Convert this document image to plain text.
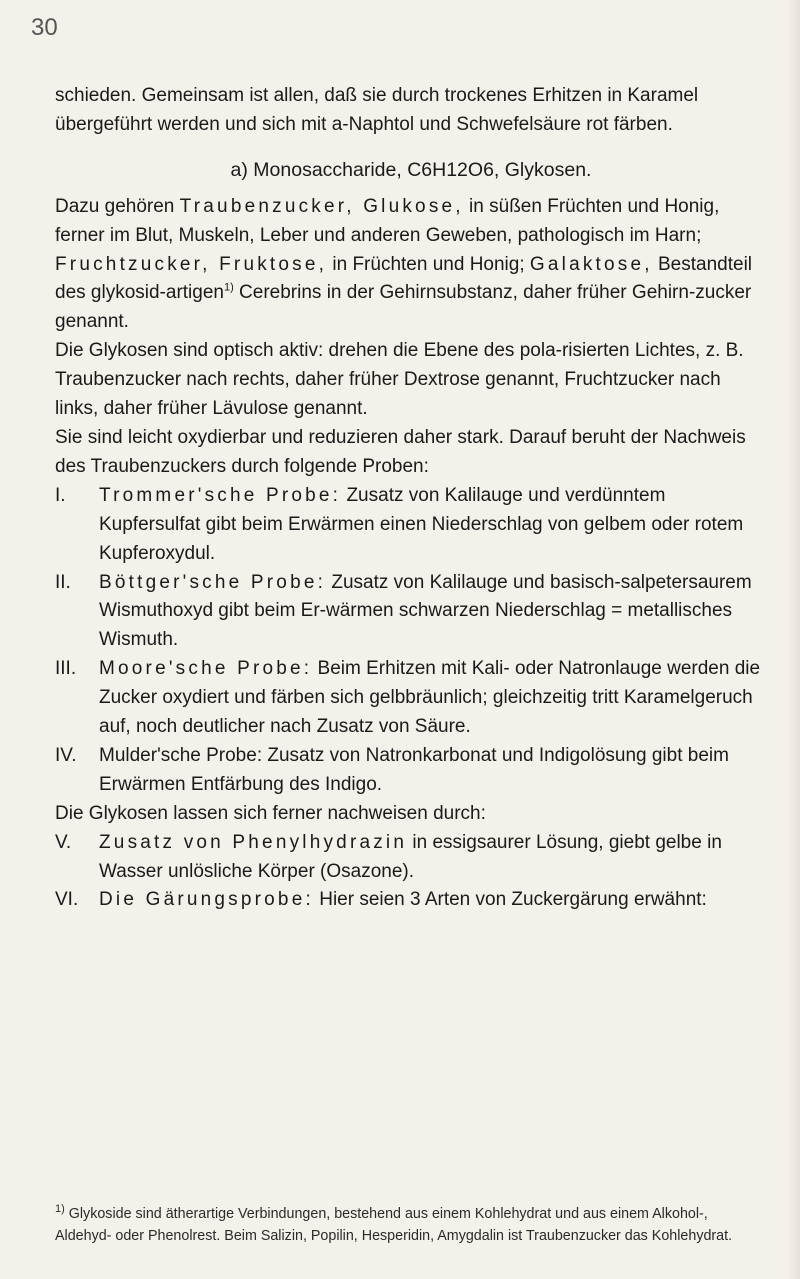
30

schieden. Gemeinsam ist allen, daß sie durch trockenes Erhitzen in Karamel übergeführt werden und sich mit a-Naphtol und Schwefelsäure rot färben.

a) Monosaccharide, C6H12O6, Glykosen.

Dazu gehören Traubenzucker, Glukose, in süßen Früchten und Honig, ferner im Blut, Muskeln, Leber und anderen Geweben, pathologisch im Harn; Fruchtzucker, Fruktose, in Früchten und Honig; Galaktose, Bestandteil des glykosid-artigen$^{1)}$ Cerebrins in der Gehirnsubstanz, daher früher Gehirn-zucker genannt.

Die Glykosen sind optisch aktiv: drehen die Ebene des pola-risierten Lichtes, z. B. Traubenzucker nach rechts, daher früher Dextrose genannt, Fruchtzucker nach links, daher früher Lävulose genannt.

Sie sind leicht oxydierbar und reduzieren daher stark. Darauf beruht der Nachweis des Traubenzuckers durch folgende Proben:

I.	Trommer'sche Probe: Zusatz von Kalilauge und verdünntem Kupfersulfat gibt beim Erwärmen einen Niederschlag von gelbem oder rotem Kupferoxydul.
II.	Böttger'sche Probe: Zusatz von Kalilauge und basisch-salpetersaurem Wismuthoxyd gibt beim Er-wärmen schwarzen Niederschlag = metallisches Wismuth.
III.	Moore'sche Probe: Beim Erhitzen mit Kali- oder Natronlauge werden die Zucker oxydiert und färben sich gelbbräunlich; gleichzeitig tritt Karamelgeruch auf, noch deutlicher nach Zusatz von Säure.
IV.	Mulder'sche Probe: Zusatz von Natronkarbonat und Indigolösung gibt beim Erwärmen Entfärbung des Indigo.

Die Glykosen lassen sich ferner nachweisen durch:

V.	Zusatz von Phenylhydrazin in essigsaurer Lösung, giebt gelbe in Wasser unlösliche Körper (Osazone).
VI.	Die Gärungsprobe: Hier seien 3 Arten von Zuckergärung erwähnt:
$^{1)}$ Glykoside sind ätherartige Verbindungen, bestehend aus einem Kohlehydrat und aus einem Alkohol-, Aldehyd- oder Phenolrest. Beim Salizin, Popilin, Hesperidin, Amygdalin ist Traubenzucker das Kohlehydrat.
